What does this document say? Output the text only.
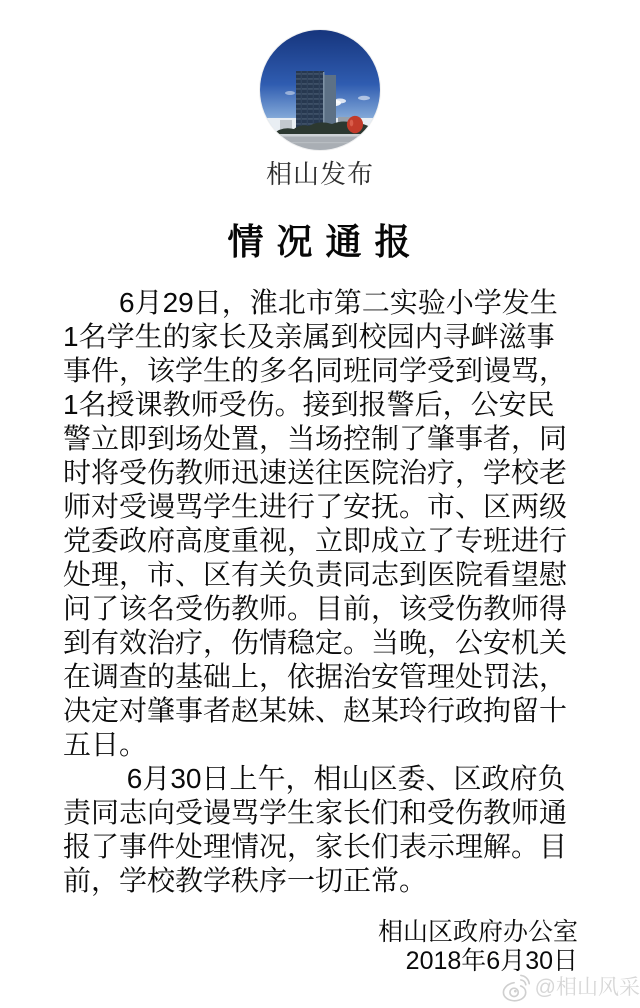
相山发布
情 况 通 报
　　6月29日，淮北市第二实验小学发生
1名学生的家长及亲属到校园内寻衅滋事
事件，该学生的多名同班同学受到谩骂，
1名授课教师受伤。接到报警后，公安民
警立即到场处置，当场控制了肇事者，同
时将受伤教师迅速送往医院治疗，学校老
师对受谩骂学生进行了安抚。市、区两级
党委政府高度重视，立即成立了专班进行
处理，市、区有关负责同志到医院看望慰
问了该名受伤教师。目前，该受伤教师得
到有效治疗，伤情稳定。当晚，公安机关
在调查的基础上，依据治安管理处罚法，
决定对肇事者赵某妹、赵某玲行政拘留十
五日。
　　 6月30日上午，相山区委、区政府负
责同志向受谩骂学生家长们和受伤教师通
报了事件处理情况，家长们表示理解。目
前，学校教学秩序一切正常。
相山区政府办公室
2018年6月30日
@相山风采
